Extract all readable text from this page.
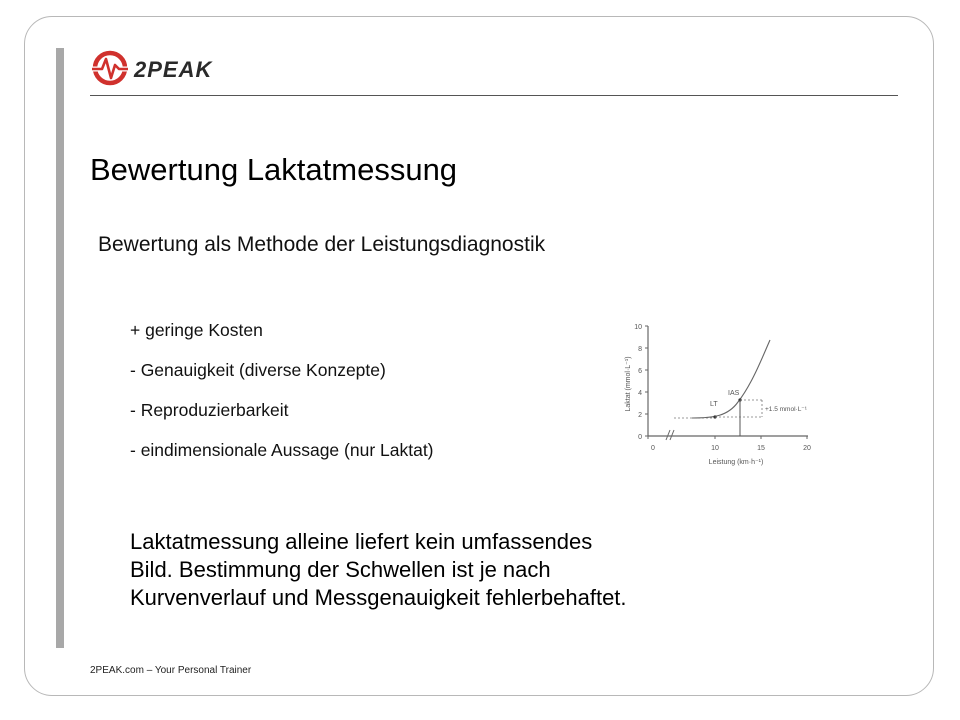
2PEAK
Bewertung Laktatmessung
Bewertung als Methode der Leistungsdiagnostik
+ geringe Kosten
- Genauigkeit (diverse Konzepte)
- Reproduzierbarkeit
- eindimensionale Aussage (nur Laktat)
0
2
4
6
8
10
0	10	15	20
Leistung (km·h⁻¹)
Laktat (mmol·L⁻¹)	LT
IAS
+1.5 mmol·L⁻¹
Laktatmessung alleine liefert kein umfassendes
Bild. Bestimmung der Schwellen ist je nach
Kurvenverlauf und Messgenauigkeit fehlerbehaftet.
2PEAK.com – Your Personal Trainer
